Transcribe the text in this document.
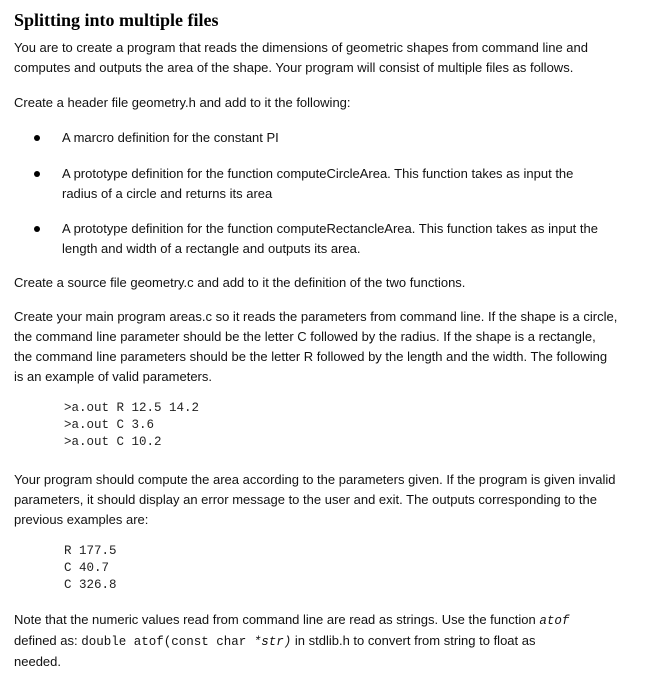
Splitting into multiple files

You are to create a program that reads the dimensions of geometric shapes from command line and
computes and outputs the area of the shape. Your program will consist of multiple files as follows.

Create a header file geometry.h and add to it the following:

A marcro definition for the constant PI
A prototype definition for the function computeCircleArea. This function takes as input the
radius of a circle and returns its area
A prototype definition for the function computeRectancleArea. This function takes as input the
length and width of a rectangle and outputs its area.

Create a source file geometry.c and add to it the definition of the two functions.

Create your main program areas.c so it reads the parameters from command line. If the shape is a circle,
the command line parameter should be the letter C followed by the radius. If the shape is a rectangle,
the command line parameters should be the letter R followed by the length and the width. The following
is an example of valid parameters.

>a.out R 12.5 14.2
>a.out C 3.6
>a.out C 10.2

Your program should compute the area according to the parameters given. If the program is given invalid
parameters, it should display an error message to the user and exit. The outputs corresponding to the
previous examples are:

R 177.5
C 40.7
C 326.8

Note that the numeric values read from command line are read as strings. Use the function atof
defined as: double atof(const char *str) in stdlib.h to convert from string to float as
needed.
